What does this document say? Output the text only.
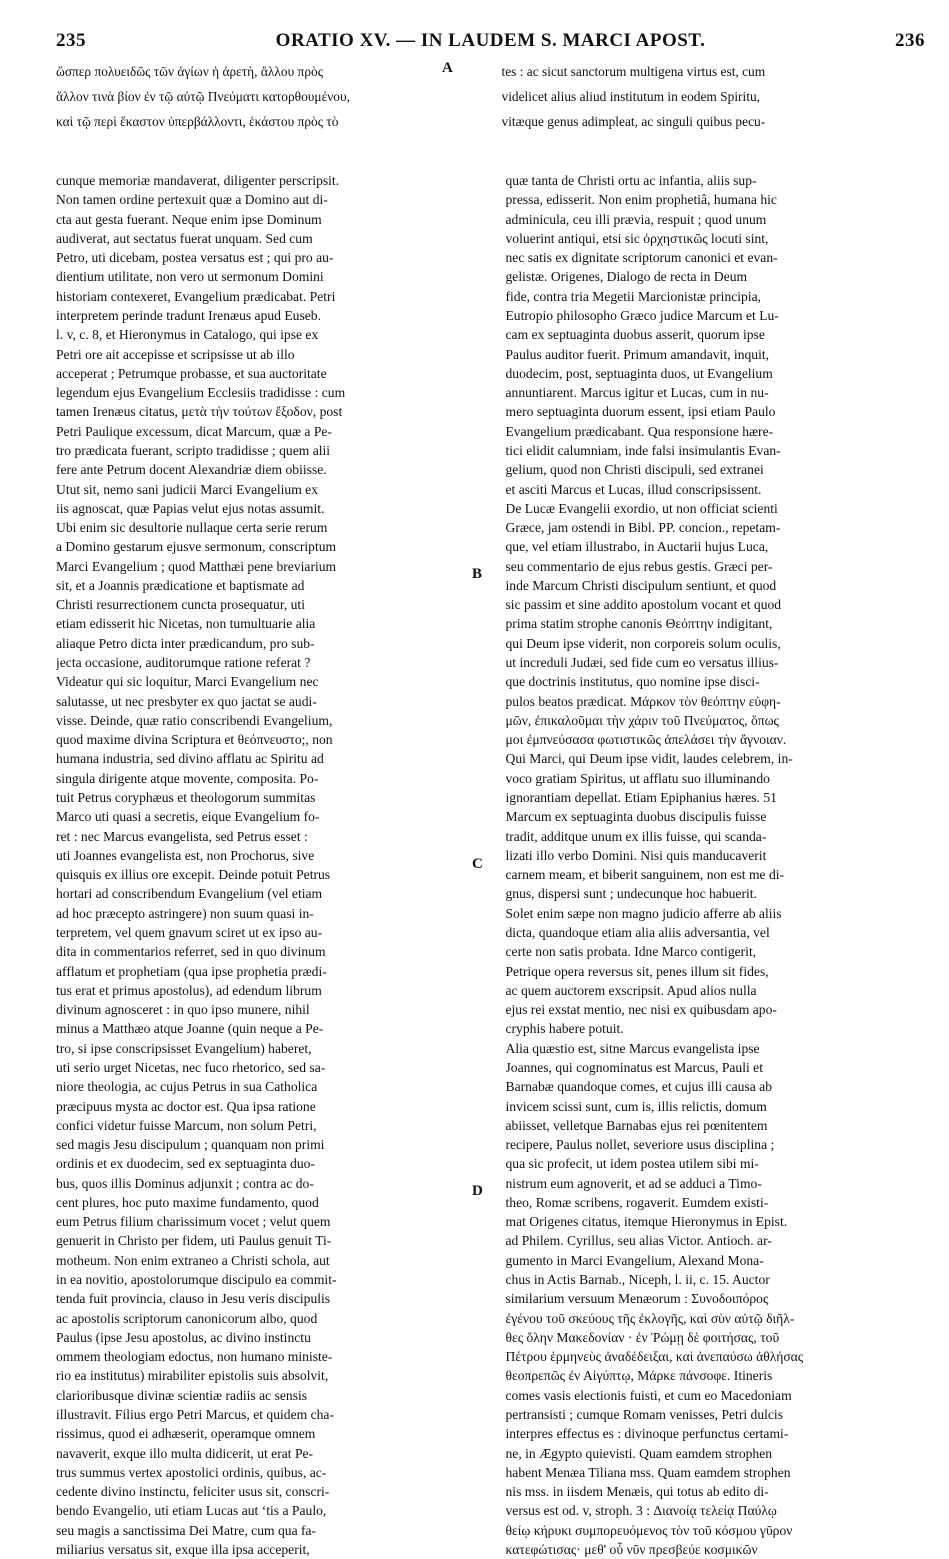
235	ORATIO XV. — IN LAUDEM S. MARCI APOST.	236
ὥσπερ πολυειδῶς τῶν ἁγίων ἡ ἀρετὴ, ἄλλου πρὸς
ἄλλον τινὰ βίον ἐν τῷ αὐτῷ Πνεύματι κατορθουμένου,
καὶ τῷ περὶ ἕκαστον ὑπερβάλλοντι, ἑκάστου πρὸς τὸ
tes : ac sicut sanctorum multigena virtus est, cum
videlicet alius aliud institutum in eodem Spiritu,
vitæque genus adimpleat, ac singuli quibus pecu-
cunque memoriæ mandaverat, diligenter perscripsit.
Non tamen ordine pertexuit quæ a Domino aut di-
cta aut gesta fuerant. Neque enim ipse Dominum
audiverat, aut sectatus fuerat unquam. Sed cum
Petro, uti dicebam, postea versatus est ; qui pro au-
dientium utilitate, non vero ut sermonum Domini
historiam contexeret, Evangelium prædicabat. Petri
interpretem perinde tradunt Irenæus apud Euseb.
l. v, c. 8, et Hieronymus in Catalogo, qui ipse ex
Petri ore ait accepisse et scripsisse ut ab illo
acceperat ; Petrumque probasse, et sua auctoritate
legendum ejus Evangelium Ecclesiis tradidisse : cum
tamen Irenæus citatus, μετὰ τὴν τούτων ἔξοδον, post
Petri Paulique excessum, dicat Marcum, quæ a Pe-
tro prædicata fuerant, scripto tradidisse ; quem alii
fere ante Petrum docent Alexandriæ diem obiisse.
Utut sit, nemo sani judicii Marci Evangelium ex
iis agnoscat, quæ Papias velut ejus notas assumit.
Ubi enim sic desultorie nullaque certa serie rerum
a Domino gestarum ejusve sermonum, conscriptum
Marci Evangelium ; quod Matthæi pene breviarium
sit, et a Joannis prædicatione et baptismate ad
Christi resurrectionem cuncta prosequatur, uti
etiam edisserit hic Nicetas, non tumultuarie alia
aliaque Petro dicta inter prædicandum, pro sub-
jecta occasione, auditorumque ratione referat ?
Videatur qui sic loquitur, Marci Evangelium nec
salutasse, ut nec presbyter ex quo jactat se audi-
visse. Deinde, quæ ratio conscribendi Evangelium,
quod maxime divina Scriptura et θεόπνευστο;, non
humana industria, sed divino afflatu ac Spiritu ad
singula dirigente atque movente, composita. Po-
tuit Petrus coryphæus et theologorum summitas
Marco uti quasi a secretis, eique Evangelium fo-
ret : nec Marcus evangelista, sed Petrus esset :
uti Joannes evangelista est, non Prochorus, sive
quisquis ex illius ore excepit. Deinde potuit Petrus
hortari ad conscribendum Evangelium (vel etiam
ad hoc præcepto astringere) non suum quasi in-
terpretem, vel quem gnavum sciret ut ex ipso au-
dita in commentarios referret, sed in quo divinum
afflatum et prophetiam (qua ipse prophetia prædi-
tus erat et primus apostolus), ad edendum librum
divinum agnosceret : in quo ipso munere, nihil
minus a Matthæo atque Joanne (quin neque a Pe-
tro, si ipse conscripsisset Evangelium) haberet,
uti serio urget Nicetas, nec fuco rhetorico, sed sa-
niore theologia, ac cujus Petrus in sua Catholica
præcipuus mysta ac doctor est. Qua ipsa ratione
confici videtur fuisse Marcum, non solum Petri,
sed magis Jesu discipulum ; quanquam non primi
ordinis et ex duodecim, sed ex septuaginta duo-
bus, quos illis Dominus adjunxit ; contra ac do-
cent plures, hoc puto maxime fundamento, quod
eum Petrus filium charissimum vocet ; velut quem
genuerit in Christo per fidem, uti Paulus genuit Ti-
motheum. Non enim extraneo a Christi schola, aut
in ea novitio, apostolorumque discipulo ea commit-
tenda fuit provincia, clauso in Jesu veris discipulis
ac apostolis scriptorum canonicorum albo, quod
Paulus (ipse Jesu apostolus, ac divino instinctu
ommem theologiam edoctus, non humano ministe-
rio ea institutus) mirabiliter epistolis suis absolvit,
clarioribusque divinæ scientiæ radiis ac sensis
illustravit. Filius ergo Petri Marcus, et quidem cha-
rissimus, quod ei adhæserit, operamque omnem
navaverit, exque illo multa didicerit, ut erat Pe-
trus summus vertex apostolici ordinis, quibus, ac-
cedente divino instinctu, feliciter usus sit, conscri-
bendo Evangelio, uti etiam Lucas aut ‘tis a Paulo,
seu magis a sanctissima Dei Matre, cum qua fa-
miliarius versatus sit, exque illa ipsa acceperit,
quæ tanta de Christi ortu ac infantia, aliis sup-
pressa, edisserit. Non enim prophetiâ, humana hic
adminicula, ceu illi prævia, respuit ; quod unum
voluerint antiqui, etsi sic ὀρχηστικῶς locuti sint,
nec satis ex dignitate scriptorum canonici et evan-
gelistæ. Origenes, Dialogo de recta in Deum
fide, contra tria Megetii Marcionistæ principia,
Eutropio philosopho Græco judice Marcum et Lu-
cam ex septuaginta duobus asserit, quorum ipse
Paulus auditor fuerit. Primum amandavit, inquit,
duodecim, post, septuaginta duos, ut Evangelium
annuntiarent. Marcus igitur et Lucas, cum in nu-
mero septuaginta duorum essent, ipsi etiam Paulo
Evangelium prædicabant. Qua responsione hære-
tici elidit calumniam, inde falsi insimulantis Evan-
gelium, quod non Christi discipuli, sed extranei
et asciti Marcus et Lucas, illud conscripsissent.
De Lucæ Evangelii exordio, ut non officiat scienti
Græce, jam ostendi in Bibl. PP. concion., repetam-
que, vel etiam illustrabo, in Auctarii hujus Luca,
seu commentario de ejus rebus gestis. Græci per-
inde Marcum Christi discipulum sentiunt, et quod
sic passim et sine addito apostolum vocant et quod
prima statim strophe canonis Θεόπτην indigitant,
qui Deum ipse viderit, non corporeis solum oculis,
ut increduli Judæi, sed fide cum eo versatus illius-
que doctrinis institutus, quo nomine ipse disci-
pulos beatos prædicat. Μάρκον τὸν θεόπτην εὐφη-
μῶν, ἐπικαλοῦμαι τὴν χάριν τοῦ Πνεύματος, ὅπως
μοι ἐμπνεύσασα φωτιστικῶς ἀπελάσει τὴν ἄγνοιαν.
Qui Marci, qui Deum ipse vidit, laudes celebrem, in-
voco gratiam Spiritus, ut afflatu suo illuminando
ignorantiam depellat. Etiam Epiphanius hæres. 51
Marcum ex septuaginta duobus discipulis fuisse
tradit, additque unum ex illis fuisse, qui scanda-
lizati illo verbo Domini. Nisi quis manducaverit
carnem meam, et biberit sanguinem, non est me di-
gnus, dispersi sunt ; undecunque hoc habuerit.
Solet enim sæpe non magno judicio afferre ab aliis
dicta, quandoque etiam alia aliis adversantia, vel
certe non satis probata. Idne Marco contigerit,
Petrique opera reversus sit, penes illum sit fides,
ac quem auctorem exscripsit. Apud alios nulla
ejus rei exstat mentio, nec nisi ex quibusdam apo-
cryphis habere potuit.
Alia quæstio est, sitne Marcus evangelista ipse
Joannes, qui cognominatus est Marcus, Pauli et
Barnabæ quandoque comes, et cujus illi causa ab
invicem scissi sunt, cum is, illis relictis, domum
abiisset, velletque Barnabas ejus rei pœnitentem
recipere, Paulus nollet, severiore usus disciplina ;
qua sic profecit, ut idem postea utilem sibi mi-
nistrum eum agnoverit, et ad se adduci a Timo-
theo, Romæ scribens, rogaverit. Eumdem existi-
mat Origenes citatus, itemque Hieronymus in Epist.
ad Philem. Cyrillus, seu alias Victor. Antioch. ar-
gumento in Marci Evangelium, Alexand Mona-
chus in Actis Barnab., Niceph, l. ii, c. 15. Auctor
similarium versuum Menæorum : Συνοδοιπόρος
ἐγένου τοῦ σκεύους τῆς ἐκλογῆς, καὶ σὺν αὐτῷ διῆλ-
θες ὅλην Μακεδονίαν · ἐν Ῥώμῃ δὲ φοιτήσας, τοῦ
Πέτρου ἑρμηνεὺς ἀναδέδειξαι, καὶ ἀνεπαύσω ἀθλήσας
θεοπρεπῶς ἐν Αἰγύπτῳ, Μάρκε πάνσοφε. Itineris
comes vasis electionis fuisti, et cum eo Macedoniam
pertransisti ; cumque Romam venisses, Petri dulcis
interpres effectus es : divinoque perfunctus certami-
ne, in Ægypto quievisti. Quam eamdem strophen
habent Menæa Tiliana mss. Quam eamdem strophen
nis mss. in iisdem Menæis, qui totus ab edito di-
versus est od. v, stroph. 3 : Διανοίᾳ τελείᾳ Παύλῳ
θείῳ κήρυκι συμπορευόμενος τὸν τοῦ κόσμου γῦρον
κατεφώτισας· μεθ' οὗ νῦν πρεσβεύε κοσμικῶν
A
B
C
D
